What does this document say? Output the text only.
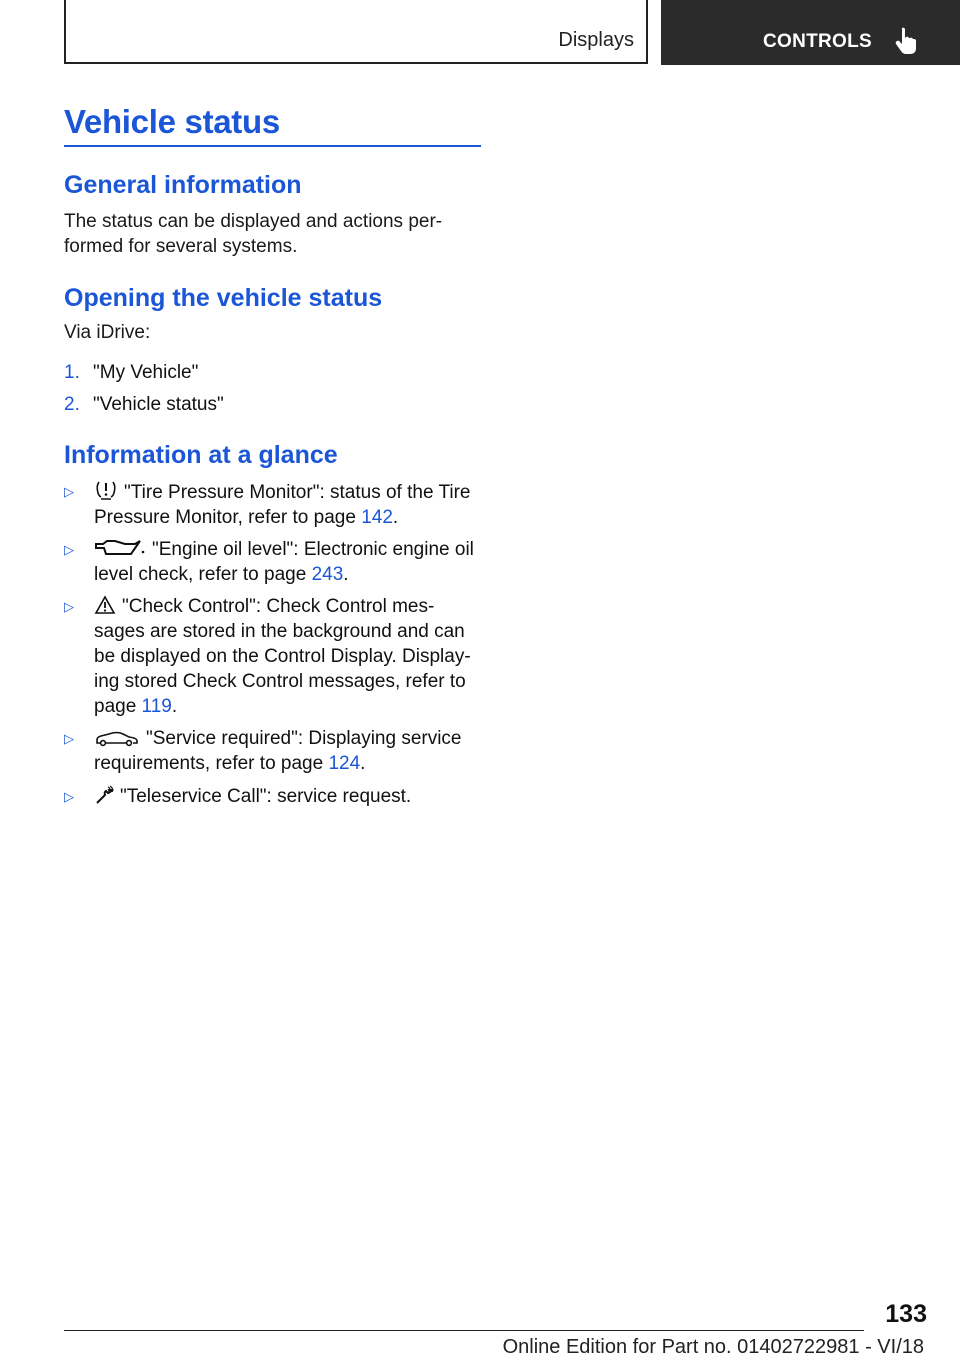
Displays	CONTROLS
Vehicle status
General information

The status can be displayed and actions per-
formed for several systems.

Opening the vehicle status

Via iDrive:

1. "My Vehicle"
2. "Vehicle status"
Information at a glance
▷	"Tire Pressure Monitor": status of the Tire Pressure Monitor, refer to page 142.
▷	"Engine oil level": Electronic engine oil level check, refer to page 243.
▷	"Check Control": Check Control mes-
sages are stored in the background and can be displayed on the Control Display. Display-
ing stored Check Control messages, refer to page 119.
▷	"Service required": Displaying service requirements, refer to page 124.
▷	"Teleservice Call": service request.
133
Online Edition for Part no. 01402722981 - VI/18
